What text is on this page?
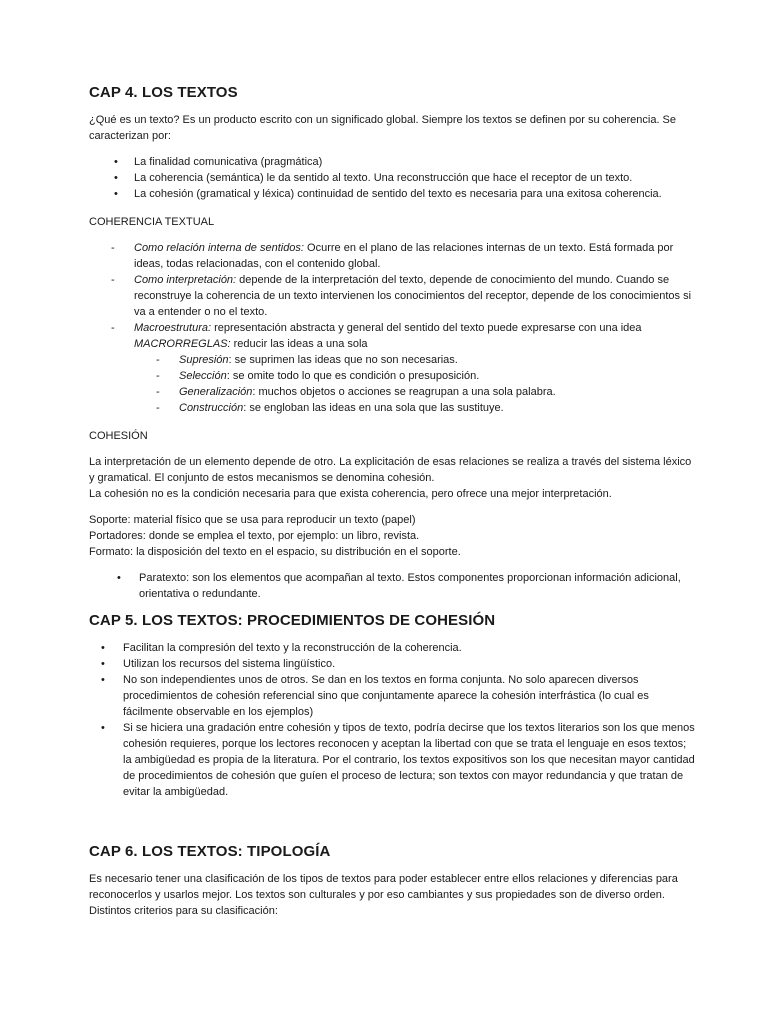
CAP 4. LOS TEXTOS

¿Qué es un texto? Es un producto escrito con un significado global. Siempre los textos se definen por su coherencia. Se caracterizan por:

• La finalidad comunicativa (pragmática)
• La coherencia (semántica) le da sentido al texto. Una reconstrucción que hace el receptor de un texto.
• La cohesión (gramatical y léxica) continuidad de sentido del texto es necesaria para una exitosa coherencia.
COHERENCIA TEXTUAL
- Como relación interna de sentidos: Ocurre en el plano de las relaciones internas de un texto. Está formada por ideas, todas relacionadas, con el contenido global.
- Como interpretación: depende de la interpretación del texto, depende de conocimiento del mundo. Cuando se reconstruye la coherencia de un texto intervienen los conocimientos del receptor, depende de los conocimientos si va a entender o no el texto.
- Macroestrutura: representación abstracta y general del sentido del texto puede expresarse con una idea
MACRORREGLAS: reducir las ideas a una sola
- Supresión: se suprimen las ideas que no son necesarias.
- Selección: se omite todo lo que es condición o presuposición.
- Generalización: muchos objetos o acciones se reagrupan a una sola palabra.
- Construcción: se engloban las ideas en una sola que las sustituye.
COHESIÓN

La interpretación de un elemento depende de otro. La explicitación de esas relaciones se realiza a través del sistema léxico y gramatical. El conjunto de estos mecanismos se denomina cohesión.

La cohesión no es la condición necesaria para que exista coherencia, pero ofrece una mejor interpretación.

Soporte: material físico que se usa para reproducir un texto (papel)

Portadores: donde se emplea el texto, por ejemplo: un libro, revista.

Formato: la disposición del texto en el espacio, su distribución en el soporte.

• Paratexto: son los elementos que acompañan al texto. Estos componentes proporcionan información adicional, orientativa o redundante.
CAP 5. LOS TEXTOS: PROCEDIMIENTOS DE COHESIÓN
• Facilitan la compresión del texto y la reconstrucción de la coherencia.
• Utilizan los recursos del sistema lingüístico.
• No son independientes unos de otros. Se dan en los textos en forma conjunta. No solo aparecen diversos procedimientos de cohesión referencial sino que conjuntamente aparece la cohesión interfrástica (lo cual es fácilmente observable en los ejemplos)
• Si se hiciera una gradación entre cohesión y tipos de texto, podría decirse que los textos literarios son los que menos cohesión requieres, porque los lectores reconocen y aceptan la libertad con que se trata el lenguaje en esos textos; la ambigüedad es propia de la literatura. Por el contrario, los textos expositivos son los que necesitan mayor cantidad de procedimientos de cohesión que guíen el proceso de lectura; son textos con mayor redundancia y que tratan de evitar la ambigüedad.
CAP 6. LOS TEXTOS: TIPOLOGÍA

Es necesario tener una clasificación de los tipos de textos para poder establecer entre ellos relaciones y diferencias para reconocerlos y usarlos mejor. Los textos son culturales y por eso cambiantes y sus propiedades son de diverso orden. Distintos criterios para su clasificación:
